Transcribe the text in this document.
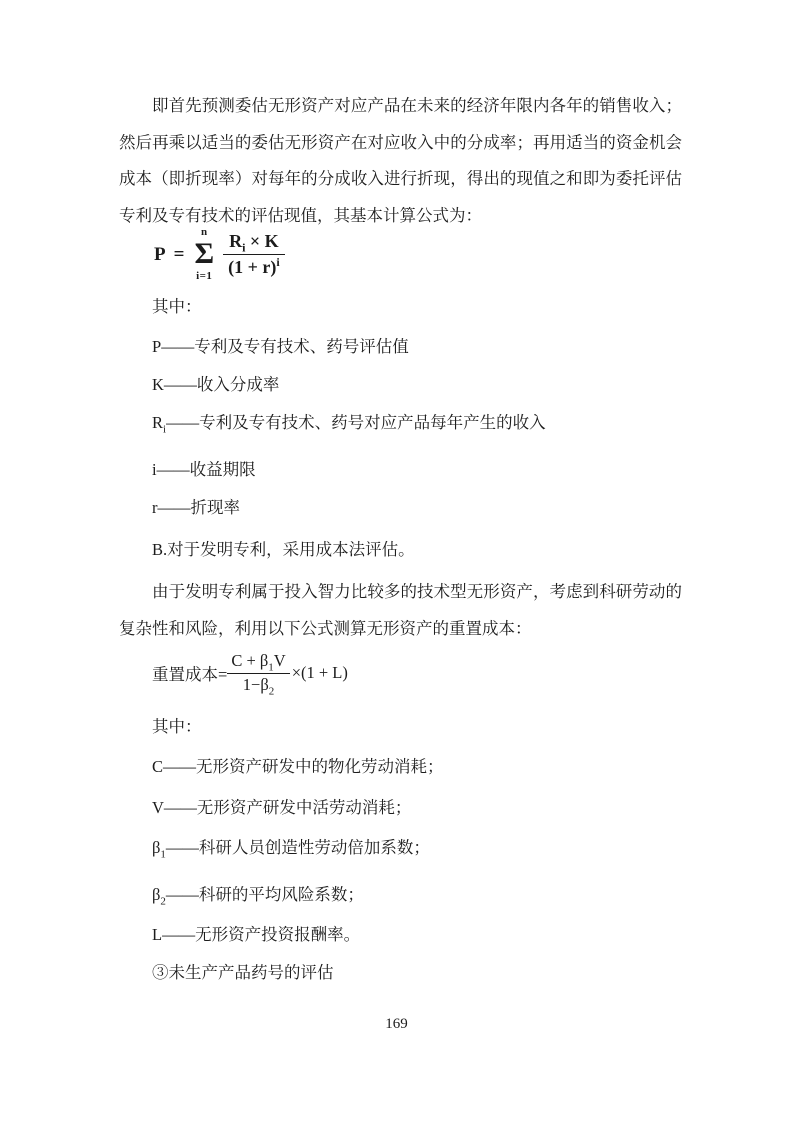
即首先预测委估无形资产对应产品在未来的经济年限内各年的销售收入；然后再乘以适当的委估无形资产在对应收入中的分成率；再用适当的资金机会成本（即折现率）对每年的分成收入进行折现，得出的现值之和即为委托评估专利及专有技术的评估现值，其基本计算公式为：

P =
n
Σ
$i=1 \frac{R_i \times K}{(1 + r)^i}$

其中：

P——专利及专有技术、药号评估值

K——收入分成率

$R_i——$专利及专有技术、药号对应产品每年产生的收入

i——收益期限

r——折现率

B.对于发明专利，采用成本法评估。

由于发明专利属于投入智力比较多的技术型无形资产，考虑到科研劳动的复杂性和风险，利用以下公式测算无形资产的重置成本：

重置成本= $\frac{C + \beta_1V}{1-\beta_2} \times(1 + L)$

其中：

C——无形资产研发中的物化劳动消耗；

V——无形资产研发中活劳动消耗；

$\beta_1——$科研人员创造性劳动倍加系数；

$\beta_2——$科研的平均风险系数；

L——无形资产投资报酬率。

③未生产产品药号的评估

169
